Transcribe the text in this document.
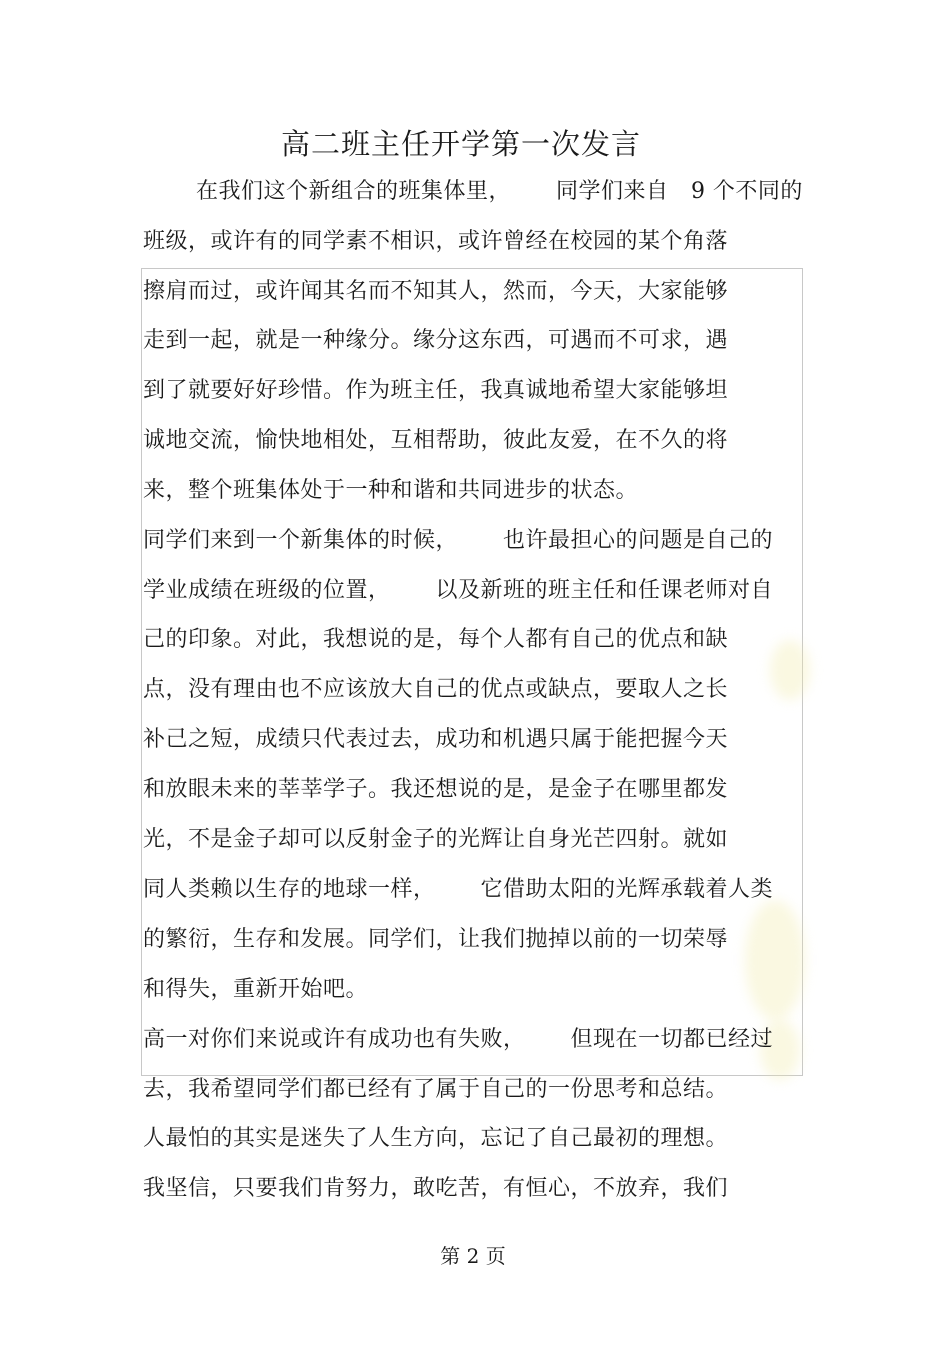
高二班主任开学第一次发言
在我们这个新组合的班集体里，      同学们来自   9 个不同的
班级，或许有的同学素不相识，或许曾经在校园的某个角落
擦肩而过，或许闻其名而不知其人，然而，今天，大家能够
走到一起，就是一种缘分。缘分这东西，可遇而不可求，遇
到了就要好好珍惜。作为班主任，我真诚地希望大家能够坦
诚地交流，愉快地相处，互相帮助，彼此友爱，在不久的将
来，整个班集体处于一种和谐和共同进步的状态。
同学们来到一个新集体的时候，      也许最担心的问题是自己的
学业成绩在班级的位置，      以及新班的班主任和任课老师对自
己的印象。对此，我想说的是，每个人都有自己的优点和缺
点，没有理由也不应该放大自己的优点或缺点，要取人之长
补己之短，成绩只代表过去，成功和机遇只属于能把握今天
和放眼未来的莘莘学子。我还想说的是，是金子在哪里都发
光，不是金子却可以反射金子的光辉让自身光芒四射。就如
同人类赖以生存的地球一样，      它借助太阳的光辉承载着人类
的繁衍，生存和发展。同学们，让我们抛掉以前的一切荣辱
和得失，重新开始吧。
高一对你们来说或许有成功也有失败，      但现在一切都已经过
去，我希望同学们都已经有了属于自己的一份思考和总结。
人最怕的其实是迷失了人生方向，忘记了自己最初的理想。
我坚信，只要我们肯努力，敢吃苦，有恒心，不放弃，我们
第 2 页
